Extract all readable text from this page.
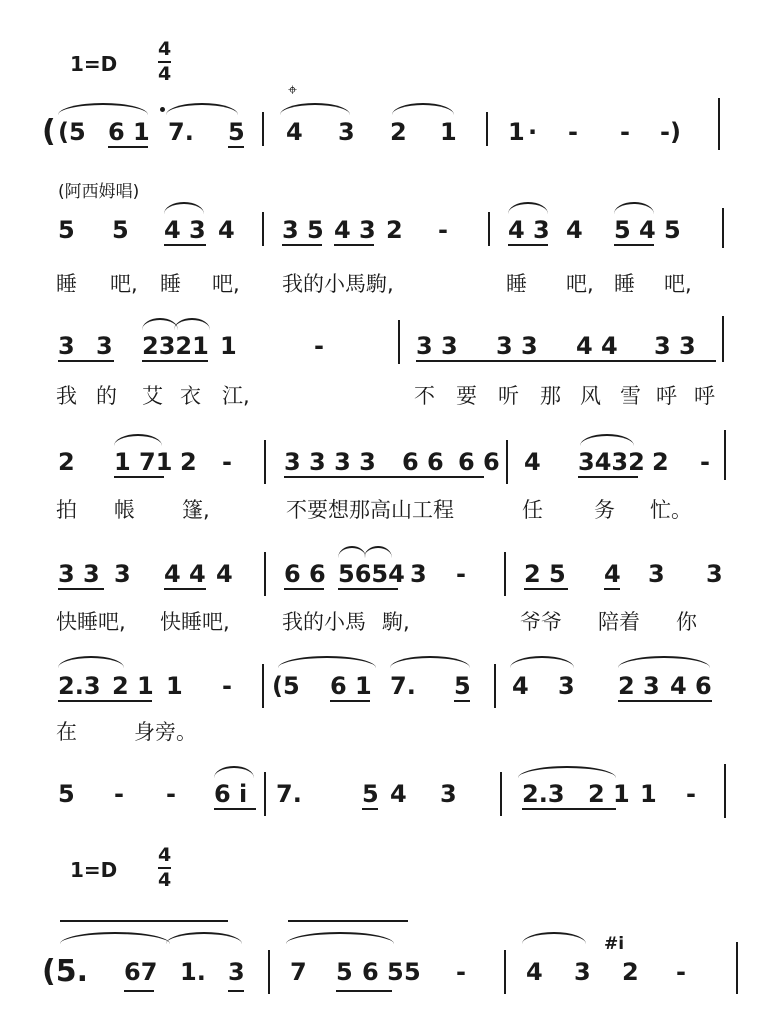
1=D
4
4
( (5 6 1 7. 5 4 3 2 1 1 · - - -)
⌖
(阿西姆唱)
5 5 4 3 4 3 5 4 3 2 -	4 3 4 5 4 5
睡 吧, 睡 吧, 我的小馬駒,	睡 吧, 睡 吧,
3 3 2321 1	-	3 3 3 3 4 4 3 3
我 的 艾 衣 江,	不 要 听 那 风 雪 呼 呼
2 1 71 2 - 3 3 3 3 6 6 6 6 4 3432 2 -
拍 帳 篷,	不要想那高山工程	任 务 忙。
3 3 3 4 4 4 6 6 5654 3 - 2 5 4 3 3
快睡吧, 快睡吧, 我的小馬 駒,	爷爷 陪着 你
2.3 2 1 1 - (5 6 1 7. 5 4 3 2 3 4 6
在	身旁。
5 - - 6 i 7.	5 4 3	2.3 2 1 1 -
1=D
4
4
(5. 67 1. 3 7 5 6 5 5 -	4 3 2 -
#i
